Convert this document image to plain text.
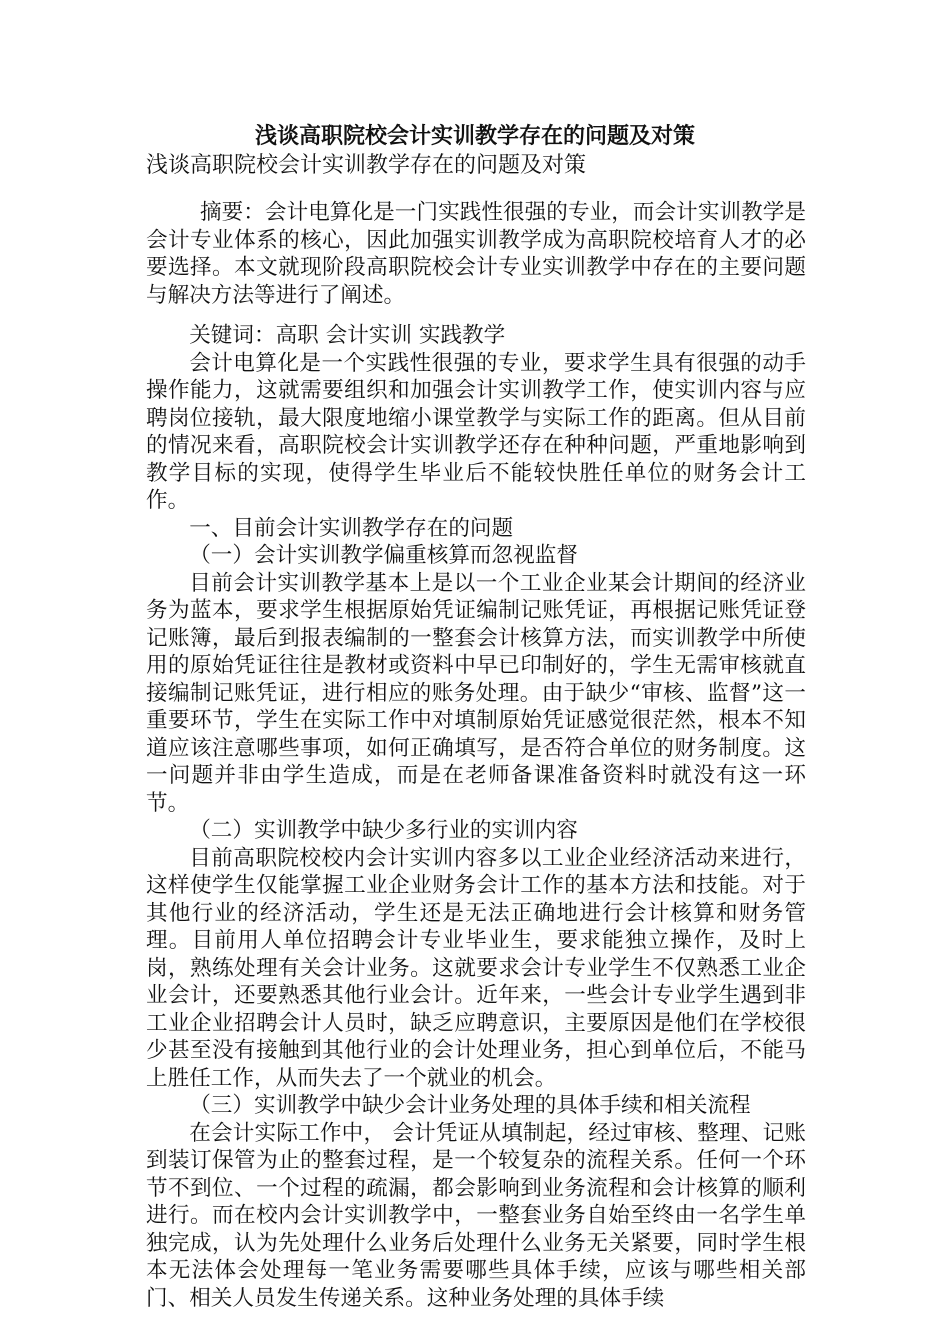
浅谈高职院校会计实训教学存在的问题及对策

浅谈高职院校会计实训教学存在的问题及对策

摘要：会计电算化是一门实践性很强的专业，而会计实训教学是会计专业体系的核心，因此加强实训教学成为高职院校培育人才的必要选择。本文就现阶段高职院校会计专业实训教学中存在的主要问题与解决方法等进行了阐述。

关键词：高职 会计实训 实践教学

会计电算化是一个实践性很强的专业，要求学生具有很强的动手操作能力，这就需要组织和加强会计实训教学工作，使实训内容与应聘岗位接轨，最大限度地缩小课堂教学与实际工作的距离。但从目前的情况来看，高职院校会计实训教学还存在种种问题，严重地影响到教学目标的实现，使得学生毕业后不能较快胜任单位的财务会计工作。

一、目前会计实训教学存在的问题

（一）会计实训教学偏重核算而忽视监督

目前会计实训教学基本上是以一个工业企业某会计期间的经济业务为蓝本，要求学生根据原始凭证编制记账凭证，再根据记账凭证登记账簿，最后到报表编制的一整套会计核算方法，而实训教学中所使用的原始凭证往往是教材或资料中早已印制好的，学生无需审核就直接编制记账凭证，进行相应的账务处理。由于缺少“审核、监督”这一重要环节，学生在实际工作中对填制原始凭证感觉很茫然，根本不知道应该注意哪些事项，如何正确填写，是否符合单位的财务制度。这一问题并非由学生造成，而是在老师备课准备资料时就没有这一环节。

（二）实训教学中缺少多行业的实训内容

目前高职院校校内会计实训内容多以工业企业经济活动来进行，这样使学生仅能掌握工业企业财务会计工作的基本方法和技能。对于其他行业的经济活动，学生还是无法正确地进行会计核算和财务管理。目前用人单位招聘会计专业毕业生，要求能独立操作，及时上岗，熟练处理有关会计业务。这就要求会计专业学生不仅熟悉工业企业会计，还要熟悉其他行业会计。近年来，一些会计专业学生遇到非工业企业招聘会计人员时，缺乏应聘意识，主要原因是他们在学校很少甚至没有接触到其他行业的会计处理业务，担心到单位后，不能马上胜任工作，从而失去了一个就业的机会。

（三）实训教学中缺少会计业务处理的具体手续和相关流程

在会计实际工作中， 会计凭证从填制起，经过审核、整理、记账到装订保管为止的整套过程，是一个较复杂的流程关系。任何一个环节不到位、一个过程的疏漏，都会影响到业务流程和会计核算的顺利进行。而在校内会计实训教学中，一整套业务自始至终由一名学生单独完成，认为先处理什么业务后处理什么业务无关紧要，同时学生根本无法体会处理每一笔业务需要哪些具体手续，应该与哪些相关部门、相关人员发生传递关系。这种业务处理的具体手续
